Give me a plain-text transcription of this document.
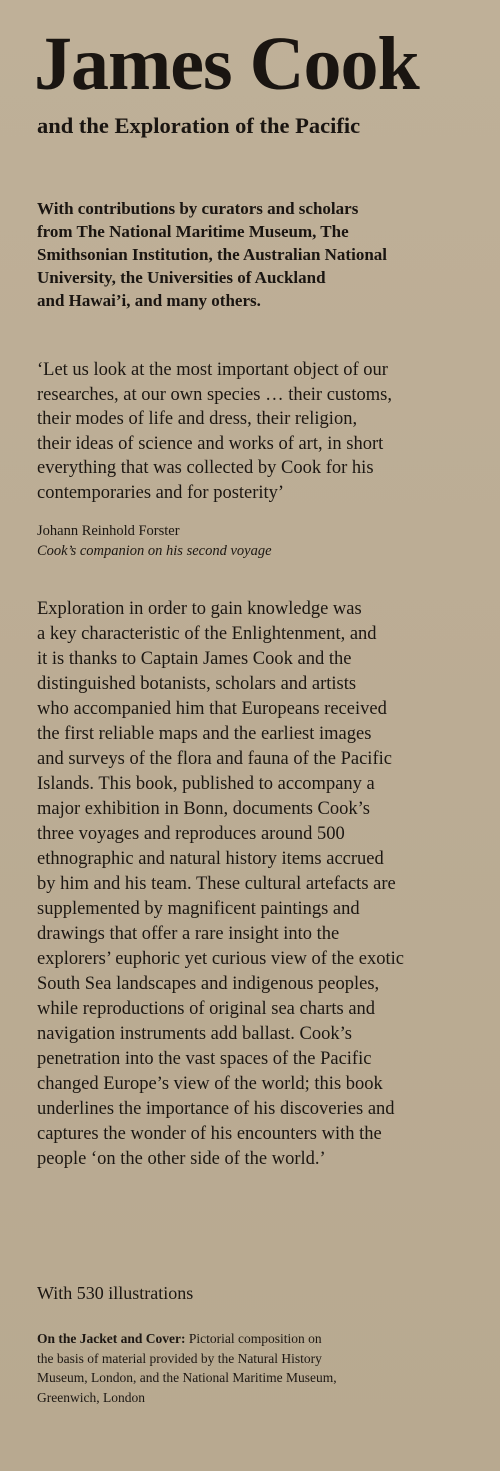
James Cook
and the Exploration of the Pacific

With contributions by curators and scholars
from The National Maritime Museum, The
Smithsonian Institution, the Australian National
University, the Universities of Auckland
and Hawai’i, and many others.

‘Let us look at the most important object of our
researches, at our own species … their customs,
their modes of life and dress, their religion,
their ideas of science and works of art, in short
everything that was collected by Cook for his
contemporaries and for posterity’

Johann Reinhold Forster
Cook’s companion on his second voyage

Exploration in order to gain knowledge was
a key characteristic of the Enlightenment, and
it is thanks to Captain James Cook and the
distinguished botanists, scholars and artists
who accompanied him that Europeans received
the first reliable maps and the earliest images
and surveys of the flora and fauna of the Pacific
Islands. This book, published to accompany a
major exhibition in Bonn, documents Cook’s
three voyages and reproduces around 500
ethnographic and natural history items accrued
by him and his team. These cultural artefacts are
supplemented by magnificent paintings and
drawings that offer a rare insight into the
explorers’ euphoric yet curious view of the exotic
South Sea landscapes and indigenous peoples,
while reproductions of original sea charts and
navigation instruments add ballast. Cook’s
penetration into the vast spaces of the Pacific
changed Europe’s view of the world; this book
underlines the importance of his discoveries and
captures the wonder of his encounters with the
people ‘on the other side of the world.’

With 530 illustrations

On the Jacket and Cover: Pictorial composition on
the basis of material provided by the Natural History
Museum, London, and the National Maritime Museum,
Greenwich, London
